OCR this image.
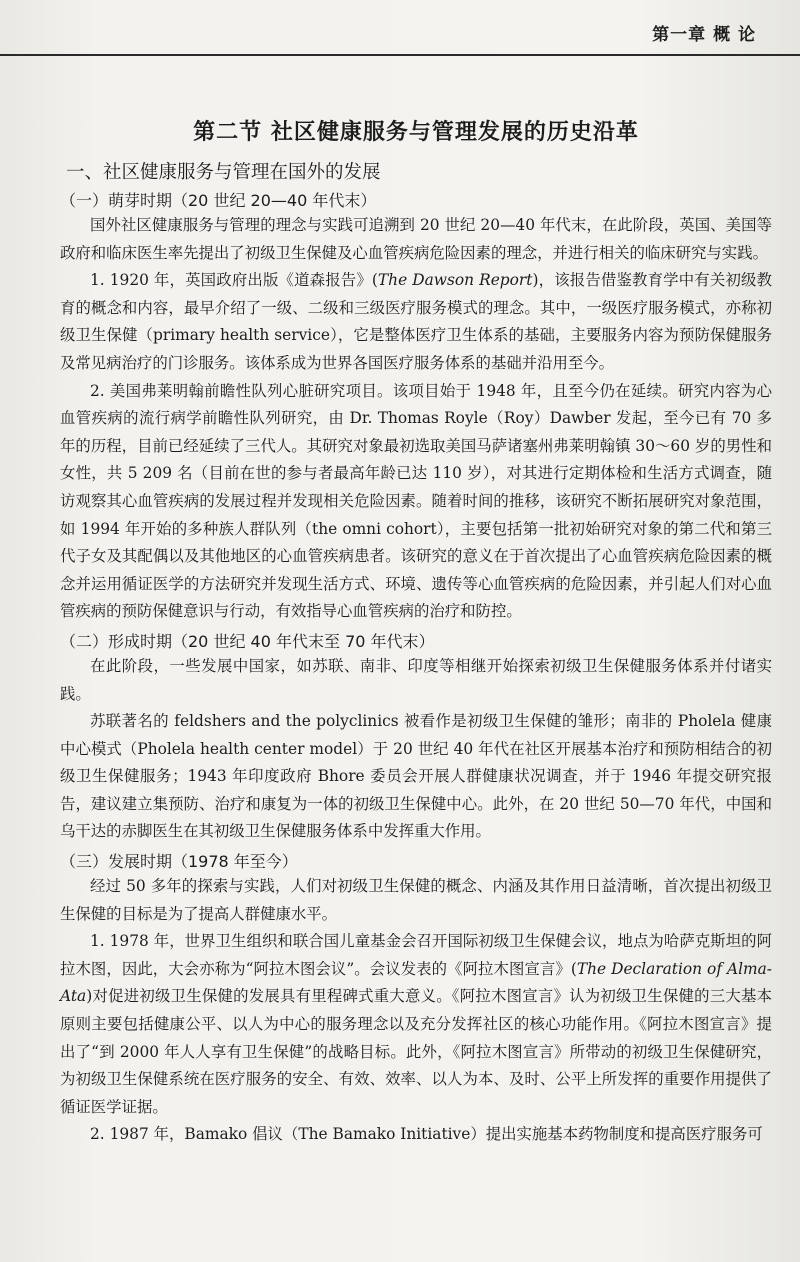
第一章 概 论
第二节 社区健康服务与管理发展的历史沿革
一、社区健康服务与管理在国外的发展
（一）萌芽时期（20 世纪 20—40 年代末）

国外社区健康服务与管理的理念与实践可追溯到 20 世纪 20—40 年代末，在此阶段，英国、美国等政府和临床医生率先提出了初级卫生保健及心血管疾病危险因素的理念，并进行相关的临床研究与实践。

1. 1920 年，英国政府出版《道森报告》(The Dawson Report)，该报告借鉴教育学中有关初级教育的概念和内容，最早介绍了一级、二级和三级医疗服务模式的理念。其中，一级医疗服务模式，亦称初级卫生保健（primary health service），它是整体医疗卫生体系的基础，主要服务内容为预防保健服务及常见病治疗的门诊服务。该体系成为世界各国医疗服务体系的基础并沿用至今。

2. 美国弗莱明翰前瞻性队列心脏研究项目。该项目始于 1948 年，且至今仍在延续。研究内容为心血管疾病的流行病学前瞻性队列研究，由 Dr. Thomas Royle（Roy）Dawber 发起，至今已有 70 多年的历程，目前已经延续了三代人。其研究对象最初选取美国马萨诸塞州弗莱明翰镇 30～60 岁的男性和女性，共 5 209 名（目前在世的参与者最高年龄已达 110 岁），对其进行定期体检和生活方式调查，随访观察其心血管疾病的发展过程并发现相关危险因素。随着时间的推移，该研究不断拓展研究对象范围，如 1994 年开始的多种族人群队列（the omni cohort），主要包括第一批初始研究对象的第二代和第三代子女及其配偶以及其他地区的心血管疾病患者。该研究的意义在于首次提出了心血管疾病危险因素的概念并运用循证医学的方法研究并发现生活方式、环境、遗传等心血管疾病的危险因素，并引起人们对心血管疾病的预防保健意识与行动，有效指导心血管疾病的治疗和防控。

（二）形成时期（20 世纪 40 年代末至 70 年代末）

在此阶段，一些发展中国家，如苏联、南非、印度等相继开始探索初级卫生保健服务体系并付诸实践。

苏联著名的 feldshers and the polyclinics 被看作是初级卫生保健的雏形；南非的 Pholela 健康中心模式（Pholela health center model）于 20 世纪 40 年代在社区开展基本治疗和预防相结合的初级卫生保健服务；1943 年印度政府 Bhore 委员会开展人群健康状况调查，并于 1946 年提交研究报告，建议建立集预防、治疗和康复为一体的初级卫生保健中心。此外，在 20 世纪 50—70 年代，中国和乌干达的赤脚医生在其初级卫生保健服务体系中发挥重大作用。

（三）发展时期（1978 年至今）

经过 50 多年的探索与实践，人们对初级卫生保健的概念、内涵及其作用日益清晰，首次提出初级卫生保健的目标是为了提高人群健康水平。

1. 1978 年，世界卫生组织和联合国儿童基金会召开国际初级卫生保健会议，地点为哈萨克斯坦的阿拉木图，因此，大会亦称为“阿拉木图会议”。会议发表的《阿拉木图宣言》(The Declaration of Alma-Ata)对促进初级卫生保健的发展具有里程碑式重大意义。《阿拉木图宣言》认为初级卫生保健的三大基本原则主要包括健康公平、以人为中心的服务理念以及充分发挥社区的核心功能作用。《阿拉木图宣言》提出了“到 2000 年人人享有卫生保健”的战略目标。此外，《阿拉木图宣言》所带动的初级卫生保健研究，为初级卫生保健系统在医疗服务的安全、有效、效率、以人为本、及时、公平上所发挥的重要作用提供了循证医学证据。

2. 1987 年，Bamako 倡议（The Bamako Initiative）提出实施基本药物制度和提高医疗服务可
